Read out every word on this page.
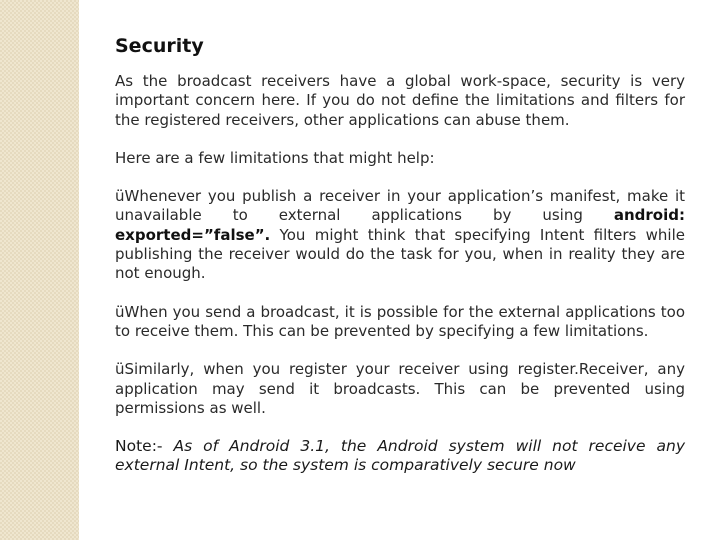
Security

As the broadcast receivers have a global work-space, security is very important concern here. If you do not define the limitations and filters for the registered receivers, other applications can abuse them.

Here are a few limitations that might help:

üWhenever you publish a receiver in your application’s manifest, make it unavailable to external applications by using android: exported=”false”. You might think that specifying Intent filters while publishing the receiver would do the task for you, when in reality they are not enough.

üWhen you send a broadcast, it is possible for the external applications too to receive them. This can be prevented by specifying a few limitations.

üSimilarly, when you register your receiver using register.Receiver, any application may send it broadcasts. This can be prevented using permissions as well.

Note:- As of Android 3.1, the Android system will not receive any external Intent, so the system is comparatively secure now
